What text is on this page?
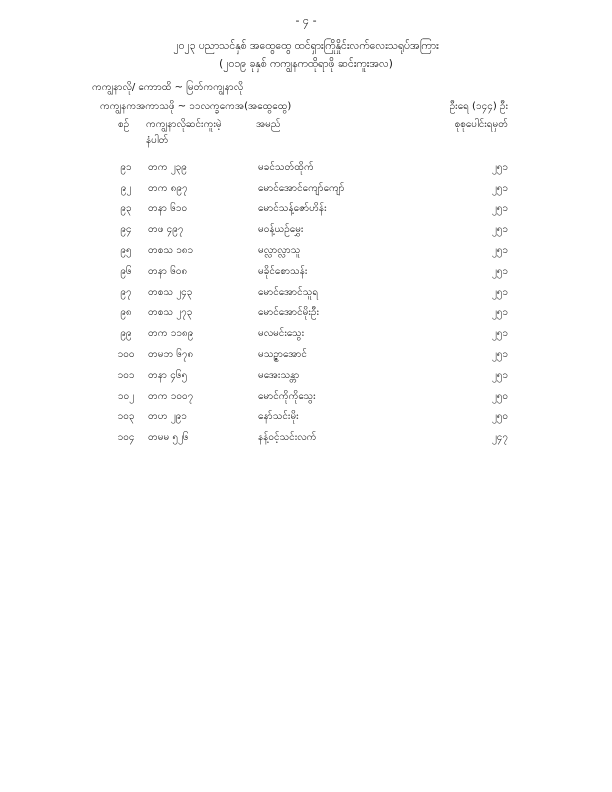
- ၄ -
၂၀၂၃ ပညာသင်နှစ် အထွေထွေ ထင်ရှားကြိုနှိုင်းလက်လေးသရုပ်အကြား
(၂၀၁၉ ခုနှစ် ကကျွနကထိုရာဖို ဆင်းကူးအလ)
ကကျွနာလို/ ကောာထိ ~ မြတ်ကကျွနာလို
ကကျွနကအကာသဖို ~ ၁၁လက္ခကေအ(အထွေထွေ)	ဦးရေ (၁၄၄) ဦး
စဉ် ကကျွနာလိုဆင်းကူးမဲ့
နံပါတ်
အမည်	စုစုပေါင်းရမှတ်
၉၁	တက ၂၃၉	မခင်သတ်ထိုက်	၂၅၁
၉၂	တက ၈၉၇	မောင်အောင်ကျော်ကျော်	၂၅၁
၉၃	တနာ ၆၁၀	မောင်သန့်ဇော်ဟိန်း	၂၅၁
၉၄	တဖ ၄၉၇	မဝန့်ယဉ်မွှေး	၂၅၁
၉၅	တစသ ၁၈၁	မလ္လာလ္လာသူ	၂၅၁
၉၆	တနာ ၆၀၈	မခိုင်စောသန်း	၂၅၁
၉၇	တစသ ၂၄၃	မောင်အောင်သူရ	၂၅၁
၉၈	တစသ ၂၇၃	မောင်အောင်မိုးဦး	၂၅၁
၉၉	တက ၁၁၈၉	မလမင်းသွေး	၂၅၁
၁၀၀	တမဘ ၆၇၈	မသဉ္ဇာအောင်	၂၅၁
၁၀၁	တနာ ၄၆၅	မအေးသန္တာ	၂၅၁
၁၀၂	တက ၁၀၀၇	မောင်ကိုကိုသွေး	၂၅၀
၁၀၃	တဟ ၂၉၁	နော်သင်းမိုး	၂၅၀
၁၀၄	တမမ ၅၂၆	နန့်ဝင့်သင်းလက်	၂၄၇
